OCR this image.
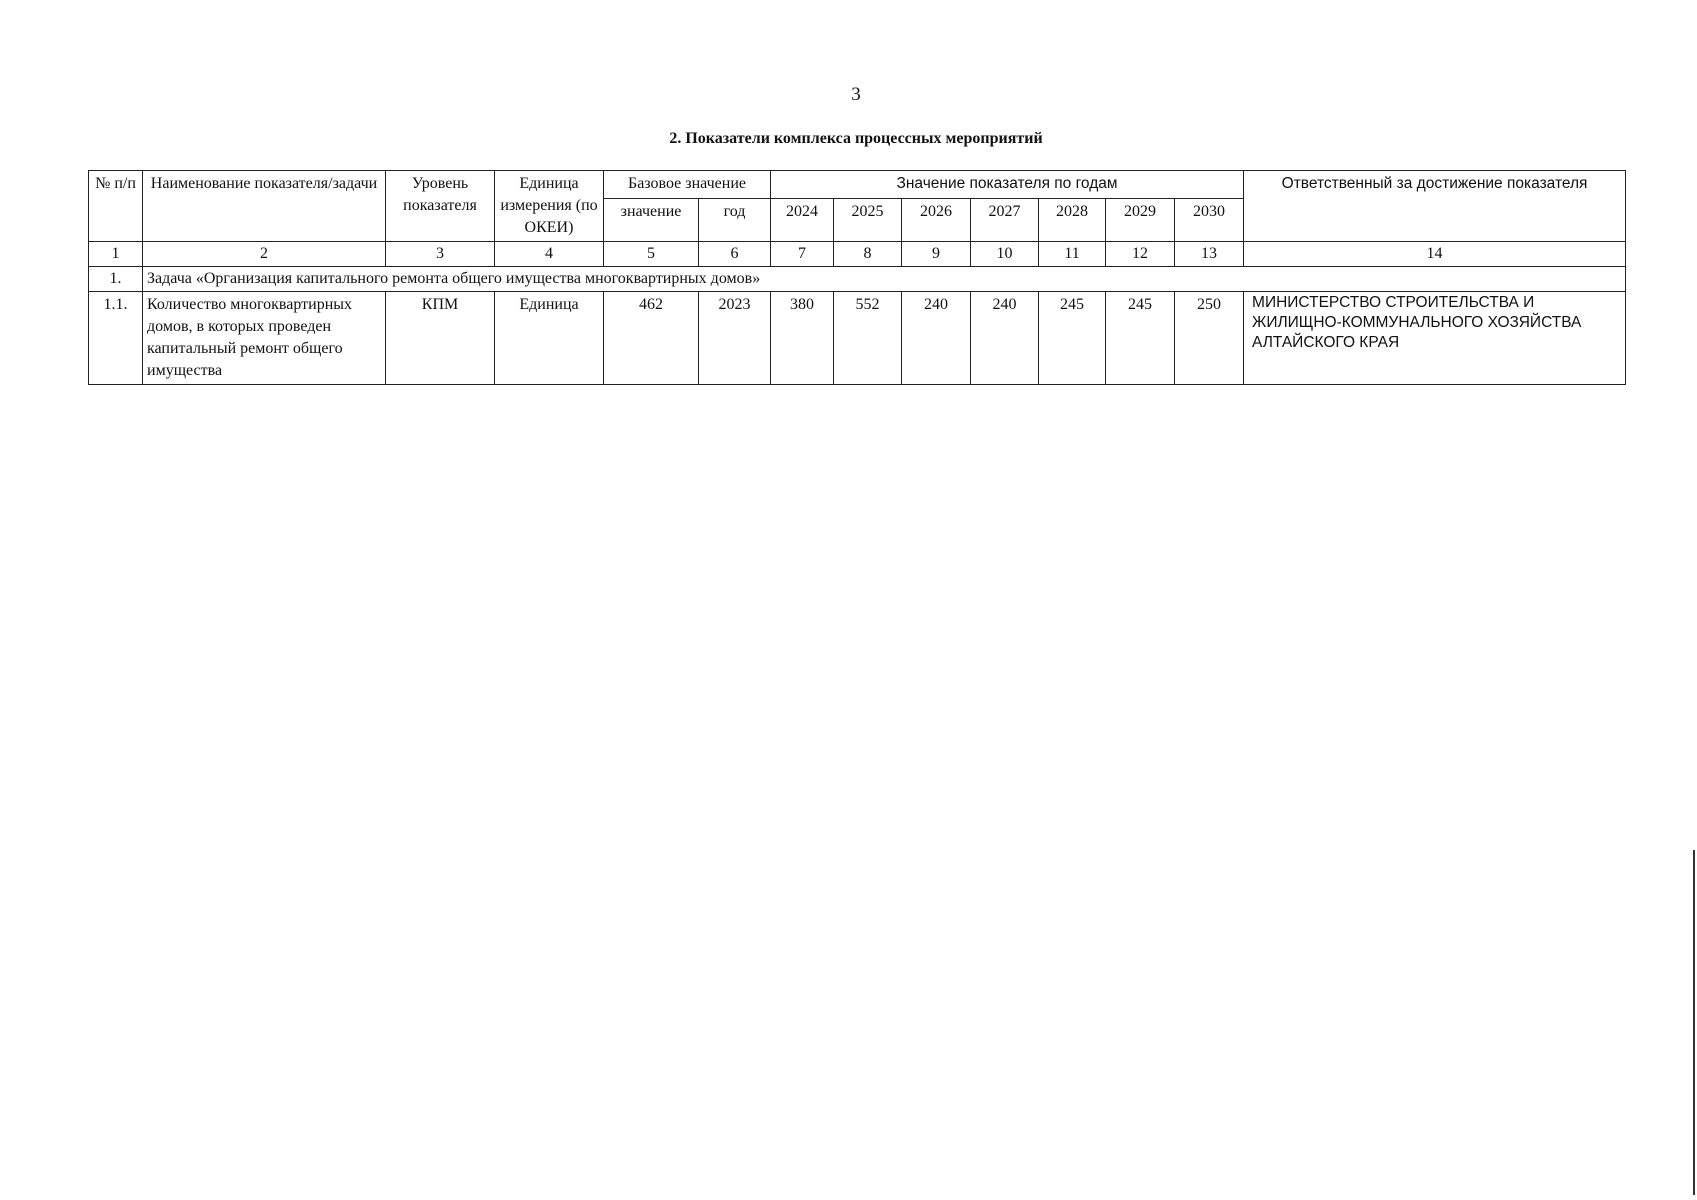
3
2. Показатели комплекса процессных мероприятий
№ п/п	Наименование показателя/задачи	Уровень показателя	Единица измерения (по ОКЕИ)	Базовое значение		Значение показателя по годам							Ответственный за достижение показателя
				значение	год	2024	2025	2026	2027	2028	2029	2030	
1	2	3	4	5	6	7	8	9	10	11	12	13	14
1.	Задача «Организация капитального ремонта общего имущества многоквартирных домов»												
1.1.	Количество многоквартирных домов, в которых проведен капитальный ремонт общего имущества	КПМ	Единица	462	2023	380	552	240	240	245	245	250	МИНИСТЕРСТВО СТРОИТЕЛЬСТВА И ЖИЛИЩНО-КОММУНАЛЬНОГО ХОЗЯЙСТВА АЛТАЙСКОГО КРАЯ
